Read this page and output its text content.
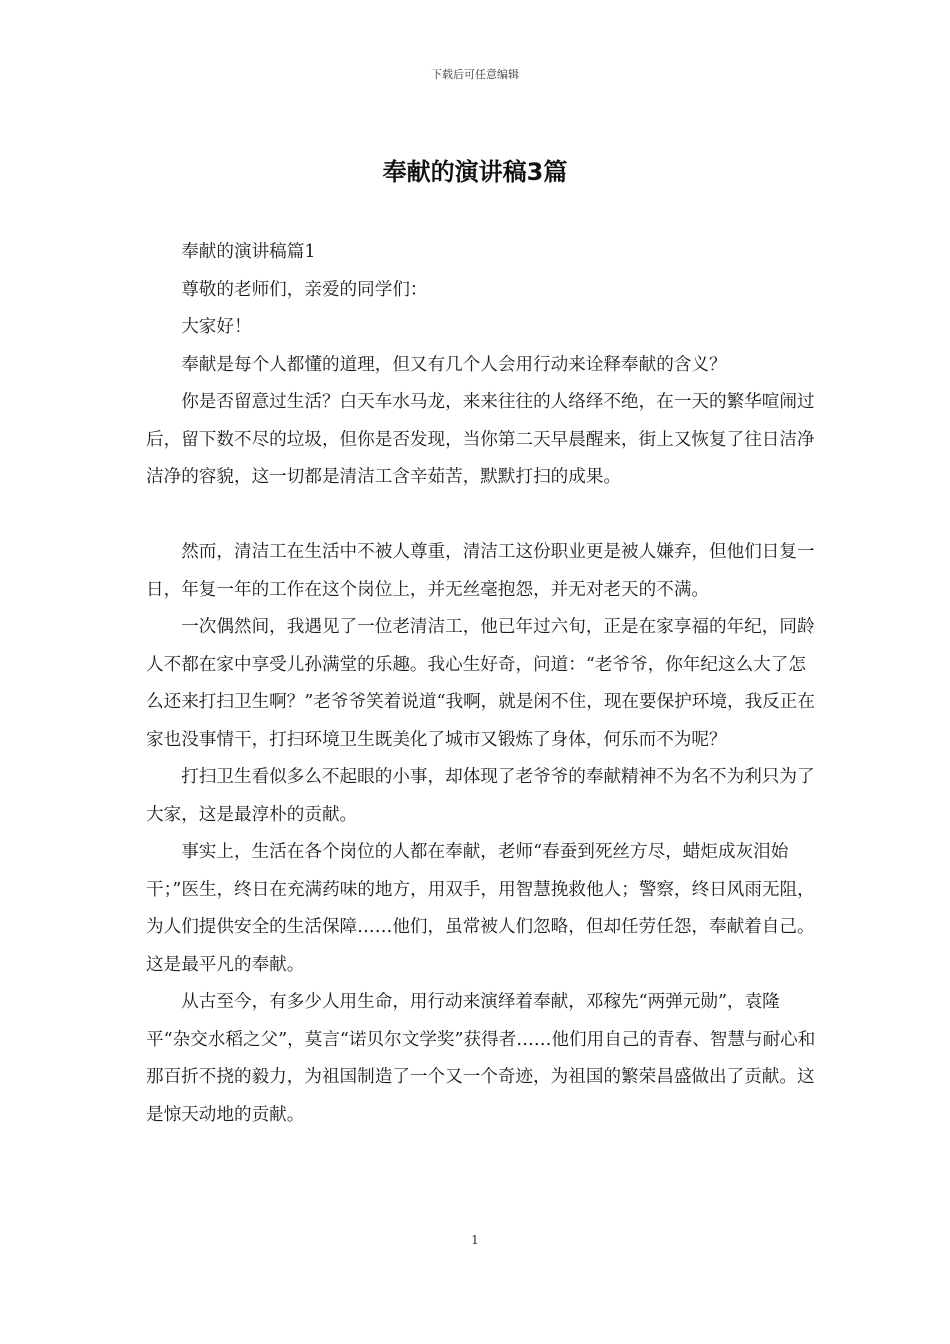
下载后可任意编辑
奉献的演讲稿3篇

奉献的演讲稿篇1

尊敬的老师们，亲爱的同学们：

大家好！

奉献是每个人都懂的道理，但又有几个人会用行动来诠释奉献的含义？

你是否留意过生活？白天车水马龙，来来往往的人络绎不绝，在一天的繁华喧闹过后，留下数不尽的垃圾，但你是否发现，当你第二天早晨醒来，街上又恢复了往日洁净洁净的容貌，这一切都是清洁工含辛茹苦，默默打扫的成果。

然而，清洁工在生活中不被人尊重，清洁工这份职业更是被人嫌弃，但他们日复一日，年复一年的工作在这个岗位上，并无丝毫抱怨，并无对老天的不满。

一次偶然间，我遇见了一位老清洁工，他已年过六旬，正是在家享福的年纪，同龄人不都在家中享受儿孙满堂的乐趣。我心生好奇，问道：“老爷爷，你年纪这么大了怎么还来打扫卫生啊？”老爷爷笑着说道“我啊，就是闲不住，现在要保护环境，我反正在家也没事情干，打扫环境卫生既美化了城市又锻炼了身体，何乐而不为呢？

打扫卫生看似多么不起眼的小事，却体现了老爷爷的奉献精神不为名不为利只为了大家，这是最淳朴的贡献。

事实上，生活在各个岗位的人都在奉献，老师“春蚕到死丝方尽，蜡炬成灰泪始干；”医生，终日在充满药味的地方，用双手，用智慧挽救他人；警察，终日风雨无阻，为人们提供安全的生活保障……他们，虽常被人们忽略，但却任劳任怨，奉献着自己。这是最平凡的奉献。

从古至今，有多少人用生命，用行动来演绎着奉献，邓稼先“两弹元勋”，袁隆平“杂交水稻之父”，莫言“诺贝尔文学奖”获得者……他们用自己的青春、智慧与耐心和那百折不挠的毅力，为祖国制造了一个又一个奇迹，为祖国的繁荣昌盛做出了贡献。这是惊天动地的贡献。

1
